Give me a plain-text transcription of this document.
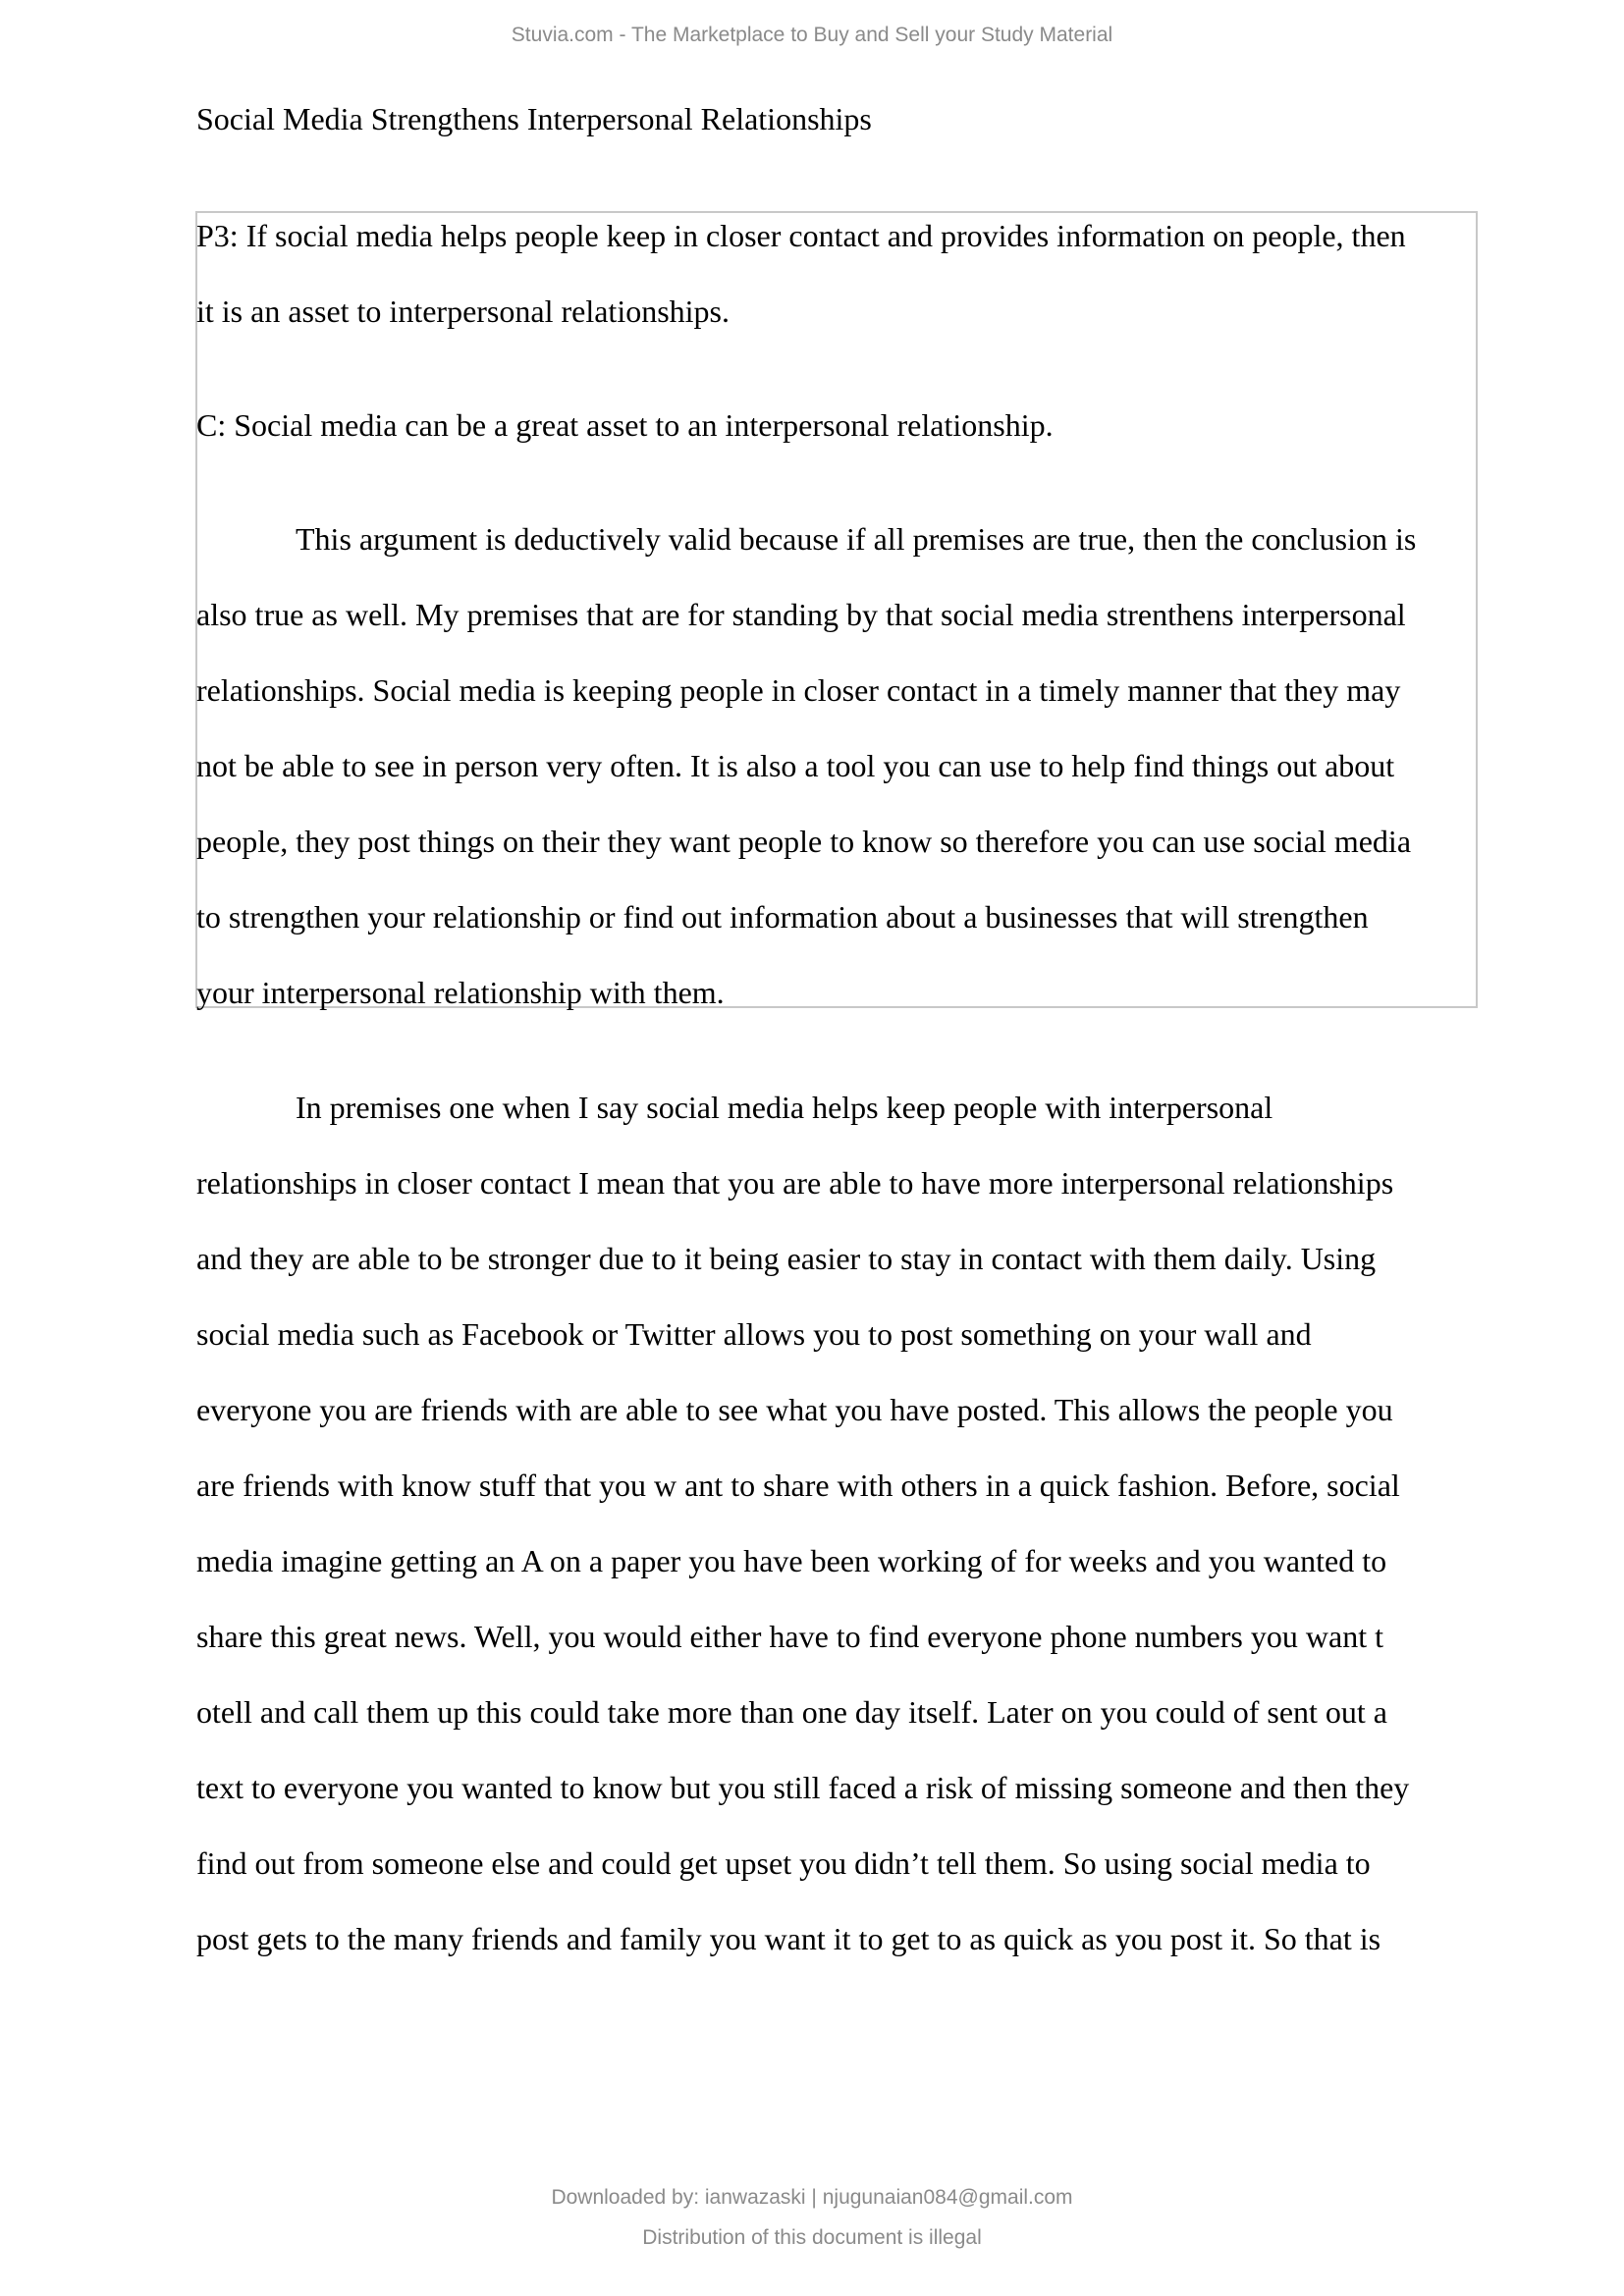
Stuvia.com - The Marketplace to Buy and Sell your Study Material
Social Media Strengthens Interpersonal Relationships
P3: If social media helps people keep in closer contact and provides information on people, then
it is an asset to interpersonal relationships.
C: Social media can be a great asset to an interpersonal relationship.
This argument is deductively valid because if all premises are true, then the conclusion is
also true as well. My premises that are for standing by that social media strenthens interpersonal
relationships. Social media is keeping people in closer contact in a timely manner that they may
not be able to see in person very often. It is also a tool you can use to help find things out about
people, they post things on their they want people to know so therefore you can use social media
to strengthen your relationship or find out information about a businesses that will strengthen
your interpersonal relationship with them.
In premises one when I say social media helps keep people with interpersonal
relationships in closer contact I mean that you are able to have more interpersonal relationships
and they are able to be stronger due to it being easier to stay in contact with them daily. Using
social media such as Facebook or Twitter allows you to post something on your wall and
everyone you are friends with are able to see what you have posted. This allows the people you
are friends with know stuff that you w ant to share with others in a quick fashion. Before, social
media imagine getting an A on a paper you have been working of for weeks and you wanted to
share this great news. Well, you would either have to find everyone phone numbers you want t
otell and call them up this could take more than one day itself. Later on you could of sent out a
text to everyone you wanted to know but you still faced a risk of missing someone and then they
find out from someone else and could get upset you didn’t tell them. So using social media to
post gets to the many friends and family you want it to get to as quick as you post it. So that is
Downloaded by: ianwazaski | njugunaian084@gmail.com
Distribution of this document is illegal
